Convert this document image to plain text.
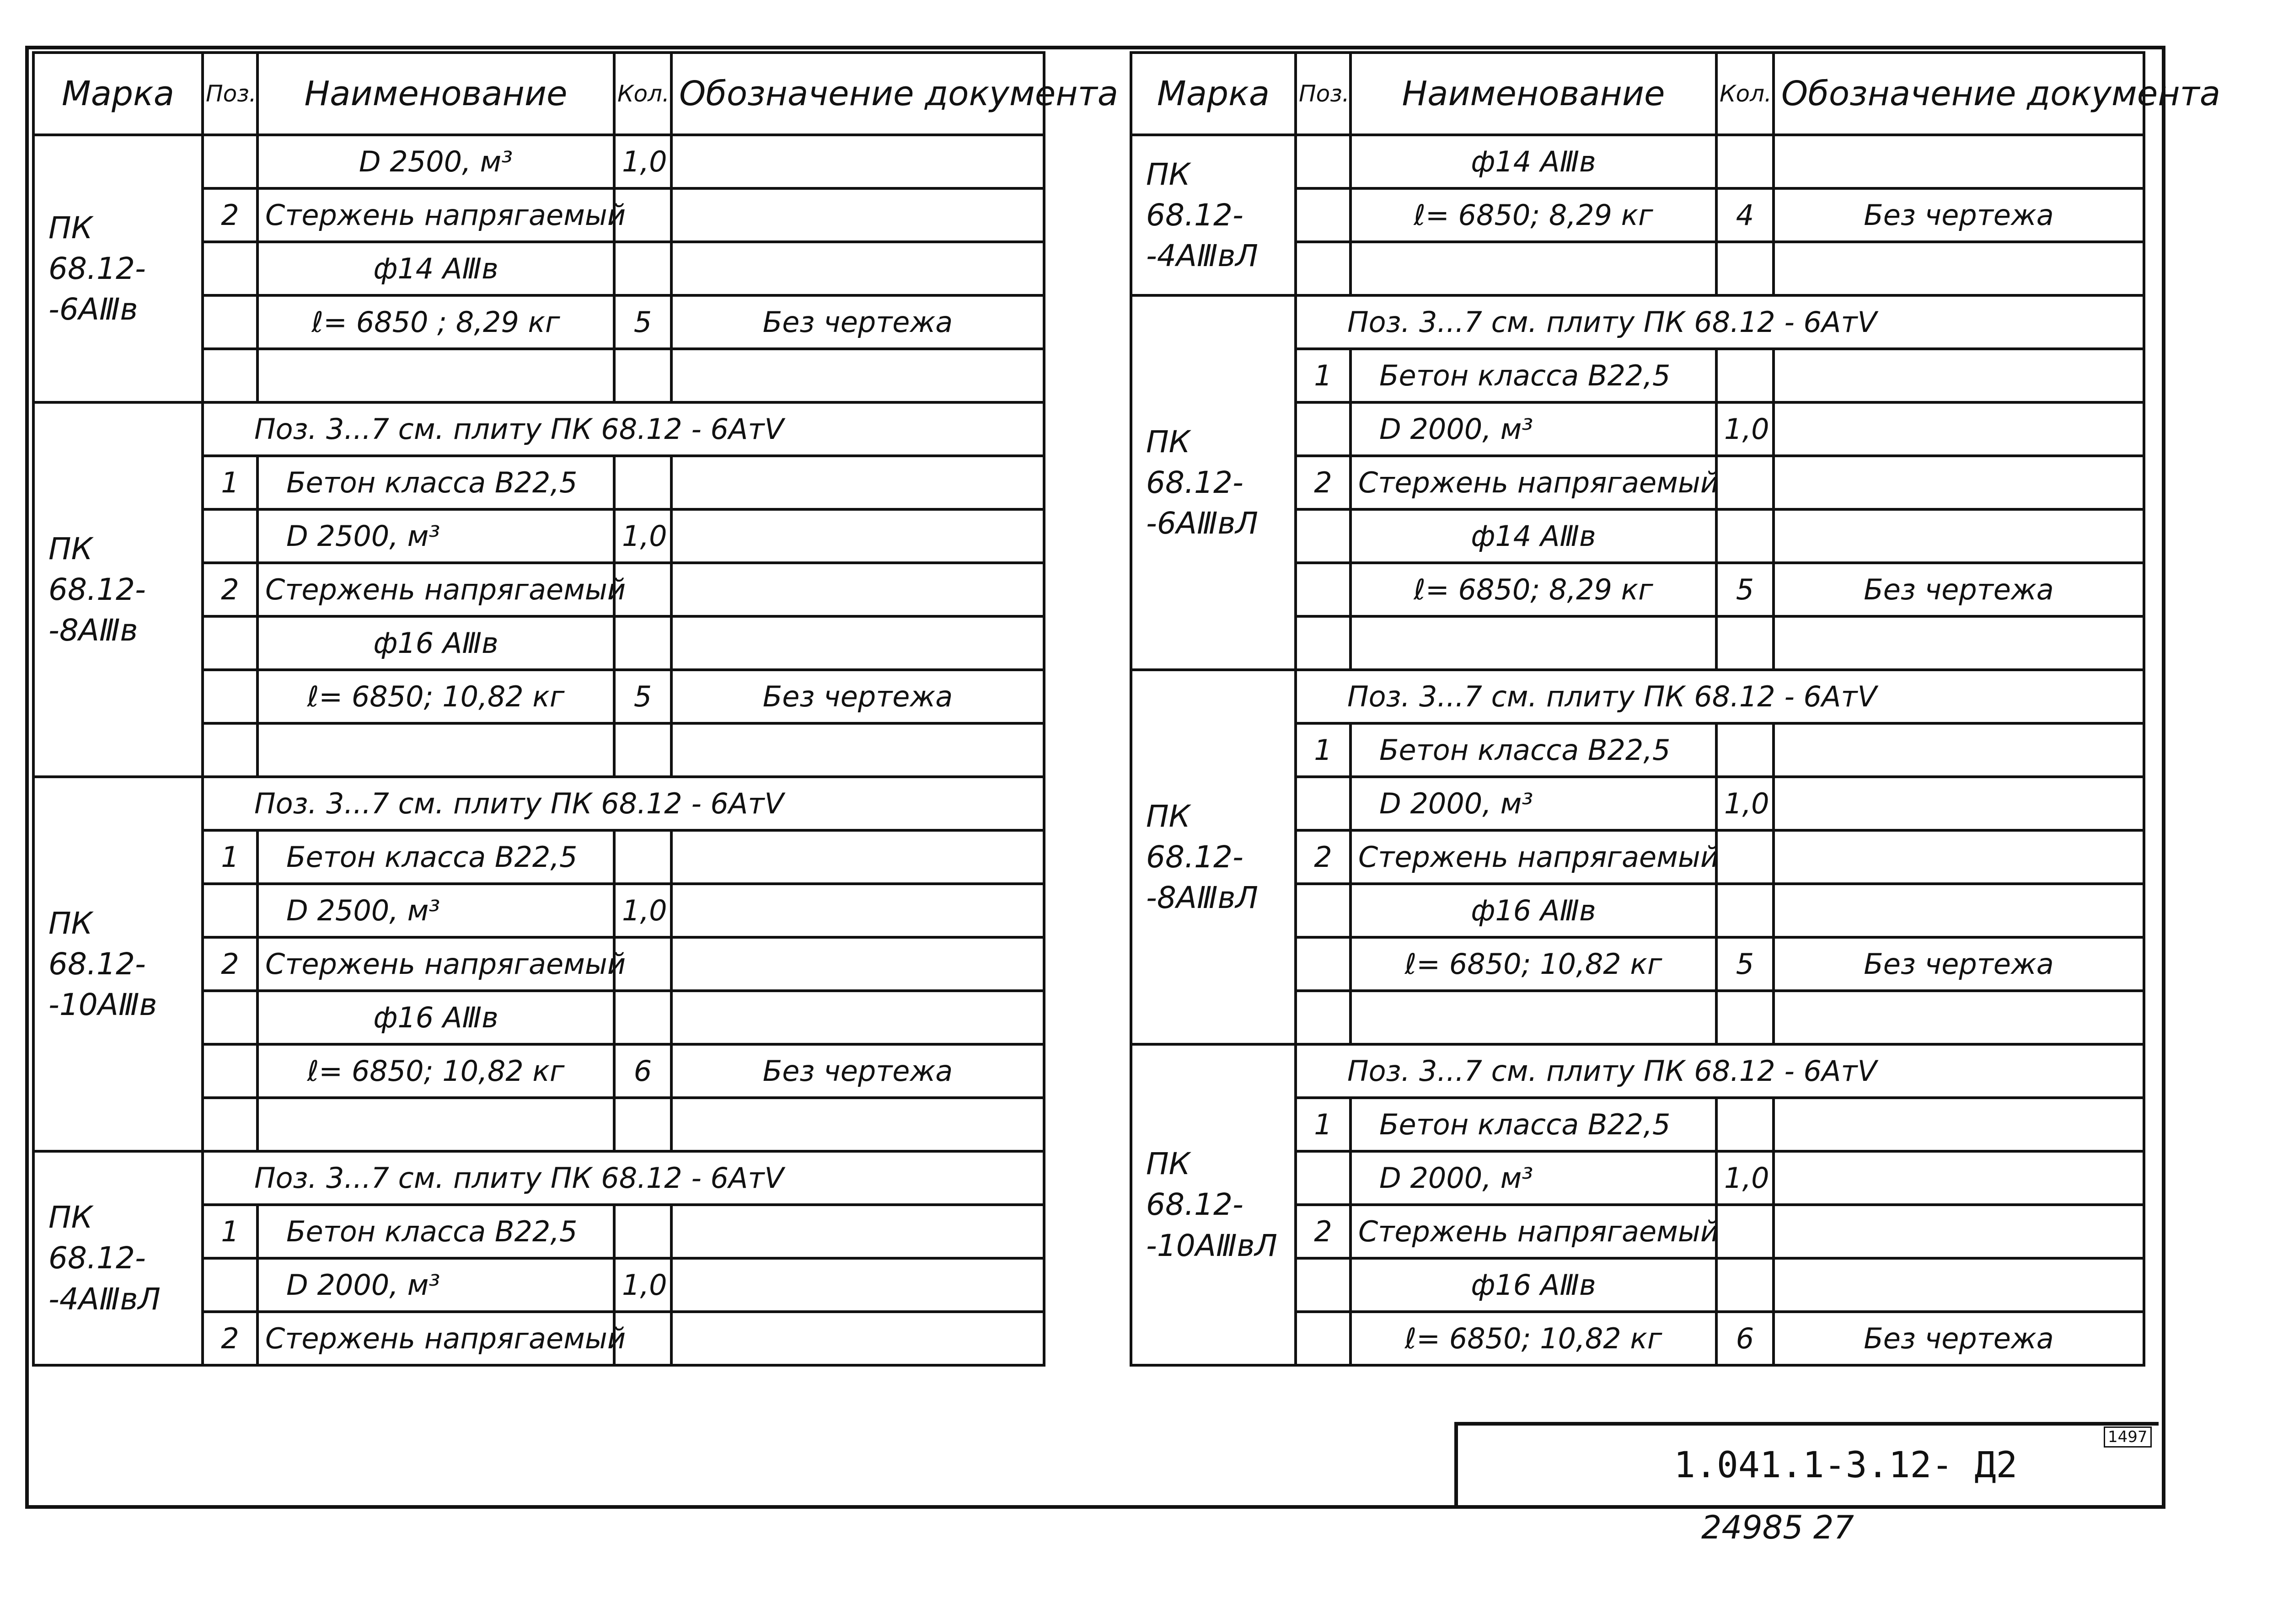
Марка	Поз.	Наименование	Кол.	Обозначение документа
ПК 68.12- -6АⅢв		D 2500, м³	1,0	
	2	Стержень напрягаемый		
		ф14 АⅢв		
		ℓ= 6850 ; 8,29 кг	5	Без чертежа

ПК 68.12- -8АⅢв	Поз. 3...7 см. плиту ПК 68.12 - 6АтⅤ			
	1	Бетон класса В22,5		
		D 2500, м³	1,0	
	2	Стержень напрягаемый		
		ф16 АⅢв		
		ℓ= 6850; 10,82 кг	5	Без чертежа

ПК 68.12- -10АⅢв	Поз. 3...7 см. плиту ПК 68.12 - 6АтⅤ			
	1	Бетон класса В22,5		
		D 2500, м³	1,0	
	2	Стержень напрягаемый		
		ф16 АⅢв		
		ℓ= 6850; 10,82 кг	6	Без чертежа

ПК 68.12- -4АⅢвЛ	Поз. 3...7 см. плиту ПК 68.12 - 6АтⅤ			
	1	Бетон класса В22,5		
		D 2000, м³	1,0	
	2	Стержень напрягаемый		
Марка	Поз.	Наименование	Кол.	Обозначение документа
ПК 68.12- -4АⅢвЛ		ф14 АⅢв		
		ℓ= 6850; 8,29 кг	4	Без чертежа

ПК 68.12- -6АⅢвЛ	Поз. 3...7 см. плиту ПК 68.12 - 6АтⅤ			
	1	Бетон класса В22,5		
		D 2000, м³	1,0	
	2	Стержень напрягаемый		
		ф14 АⅢв		
		ℓ= 6850; 8,29 кг	5	Без чертежа

ПК 68.12- -8АⅢвЛ	Поз. 3...7 см. плиту ПК 68.12 - 6АтⅤ			
	1	Бетон класса В22,5		
		D 2000, м³	1,0	
	2	Стержень напрягаемый		
		ф16 АⅢв		
		ℓ= 6850; 10,82 кг	5	Без чертежа

ПК 68.12- -10АⅢвЛ	Поз. 3...7 см. плиту ПК 68.12 - 6АтⅤ			
	1	Бетон класса В22,5		
		D 2000, м³	1,0	
	2	Стержень напрягаемый		
		ф16 АⅢв		
		ℓ= 6850; 10,82 кг	6	Без чертежа
1.041.1-3.12- Д2
24985 27
1497
